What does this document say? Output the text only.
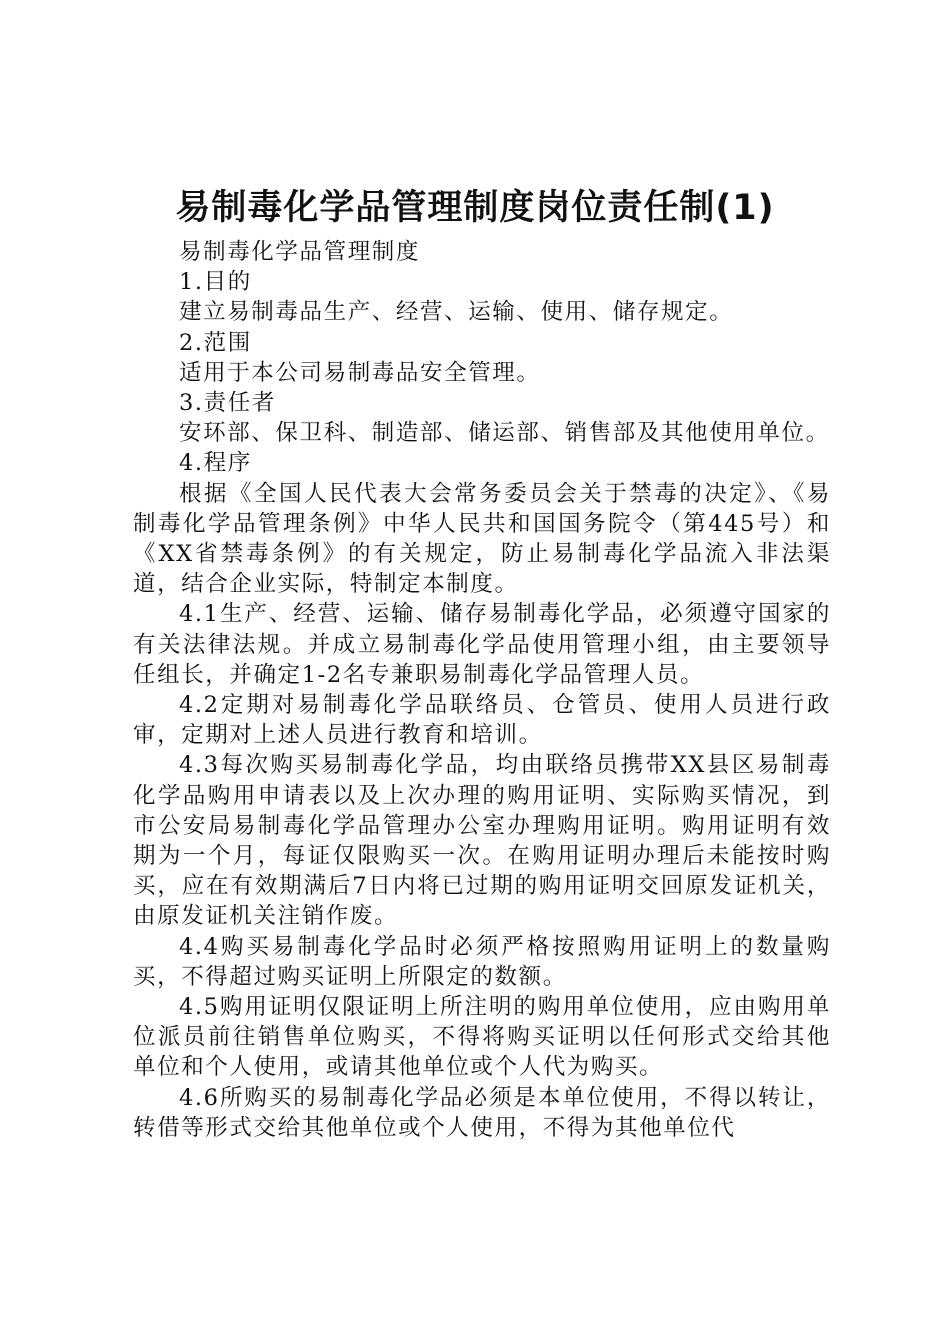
易制毒化学品管理制度岗位责任制(1)

易制毒化学品管理制度

1.目的

建立易制毒品生产、经营、运输、使用、储存规定。

2.范围

适用于本公司易制毒品安全管理。

3.责任者

安环部、保卫科、制造部、储运部、销售部及其他使用单位。

4.程序

根据《全国人民代表大会常务委员会关于禁毒的决定》、《易制毒化学品管理条例》中华人民共和国国务院令（第445号）和《XX省禁毒条例》的有关规定，防止易制毒化学品流入非法渠道，结合企业实际，特制定本制度。

4.1生产、经营、运输、储存易制毒化学品，必须遵守国家的有关法律法规。并成立易制毒化学品使用管理小组，由主要领导任组长，并确定1-2名专兼职易制毒化学品管理人员。

4.2定期对易制毒化学品联络员、仓管员、使用人员进行政审，定期对上述人员进行教育和培训。

4.3每次购买易制毒化学品，均由联络员携带XX县区易制毒化学品购用申请表以及上次办理的购用证明、实际购买情况，到市公安局易制毒化学品管理办公室办理购用证明。购用证明有效期为一个月，每证仅限购买一次。在购用证明办理后未能按时购买，应在有效期满后7日内将已过期的购用证明交回原发证机关，由原发证机关注销作废。

4.4购买易制毒化学品时必须严格按照购用证明上的数量购买，不得超过购买证明上所限定的数额。

4.5购用证明仅限证明上所注明的购用单位使用，应由购用单位派员前往销售单位购买，不得将购买证明以任何形式交给其他单位和个人使用，或请其他单位或个人代为购买。

4.6所购买的易制毒化学品必须是本单位使用，不得以转让，转借等形式交给其他单位或个人使用，不得为其他单位代
